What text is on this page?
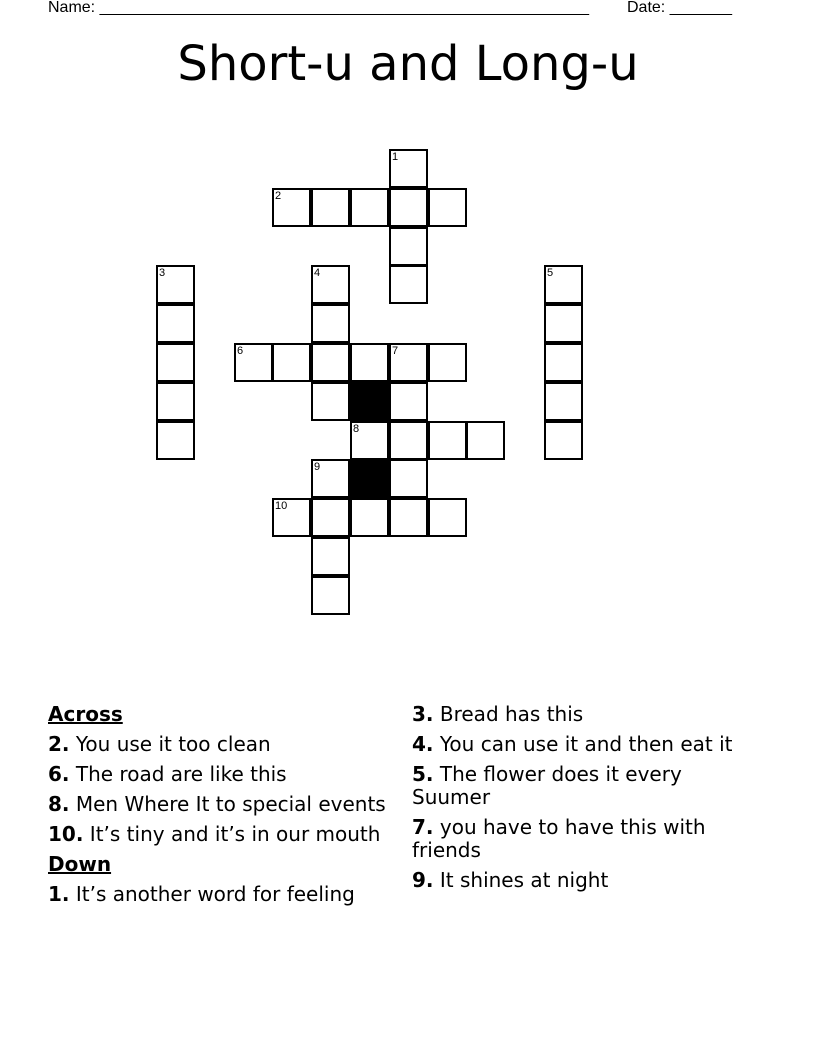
Name: _______________________________________________________ Date: _______
Short-u and Long-u
1
2
3	4	5
6	7
8
9
10
Across
2. You use it too clean
6. The road are like this
8. Men Where It to special events
10. It’s tiny and it’s in our mouth
Down
1. It’s another word for feeling
3. Bread has this
4. You can use it and then eat it
5. The flower does it every Suumer
7. you have to have this with friends
9. It shines at night
